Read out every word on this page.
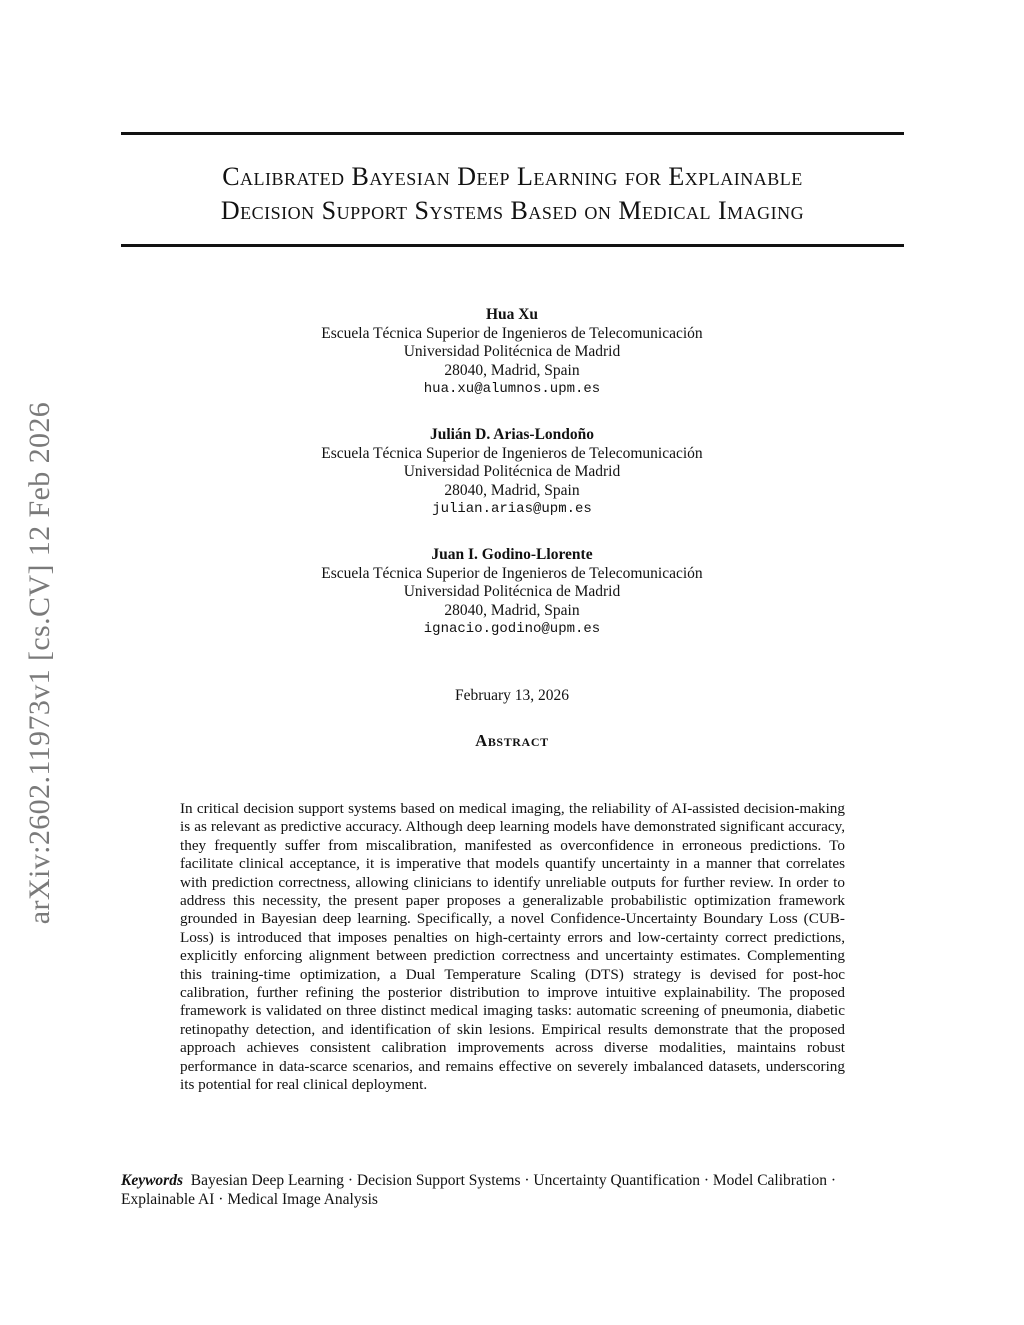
arXiv:2602.11973v1 [cs.CV] 12 Feb 2026
Calibrated Bayesian Deep Learning for Explainable
Decision Support Systems Based on Medical Imaging
Hua Xu
Escuela Técnica Superior de Ingenieros de Telecomunicación
Universidad Politécnica de Madrid
28040, Madrid, Spain
hua.xu@alumnos.upm.es
Julián D. Arias-Londoño
Escuela Técnica Superior de Ingenieros de Telecomunicación
Universidad Politécnica de Madrid
28040, Madrid, Spain
julian.arias@upm.es
Juan I. Godino-Llorente
Escuela Técnica Superior de Ingenieros de Telecomunicación
Universidad Politécnica de Madrid
28040, Madrid, Spain
ignacio.godino@upm.es
February 13, 2026
Abstract
In critical decision support systems based on medical imaging, the reliability of AI-assisted decision-making is as relevant as predictive accuracy. Although deep learning models have demonstrated significant accuracy, they frequently suffer from miscalibration, manifested as overconfidence in erroneous predictions. To facilitate clinical acceptance, it is imperative that models quantify uncertainty in a manner that correlates with prediction correctness, allowing clinicians to identify unreliable outputs for further review. In order to address this necessity, the present paper proposes a generalizable probabilistic optimization framework grounded in Bayesian deep learning. Specifically, a novel Confidence-Uncertainty Boundary Loss (CUB-Loss) is introduced that imposes penalties on high-certainty errors and low-certainty correct predictions, explicitly enforcing alignment between prediction correctness and uncertainty estimates. Complementing this training-time optimization, a Dual Temperature Scaling (DTS) strategy is devised for post-hoc calibration, further refining the posterior distribution to improve intuitive explainability. The proposed framework is validated on three distinct medical imaging tasks: automatic screening of pneumonia, diabetic retinopathy detection, and identification of skin lesions. Empirical results demonstrate that the proposed approach achieves consistent calibration improvements across diverse modalities, maintains robust performance in data-scarce scenarios, and remains effective on severely imbalanced datasets, underscoring its potential for real clinical deployment.
Keywords Bayesian Deep Learning · Decision Support Systems · Uncertainty Quantification · Model Calibration · Explainable AI · Medical Image Analysis
